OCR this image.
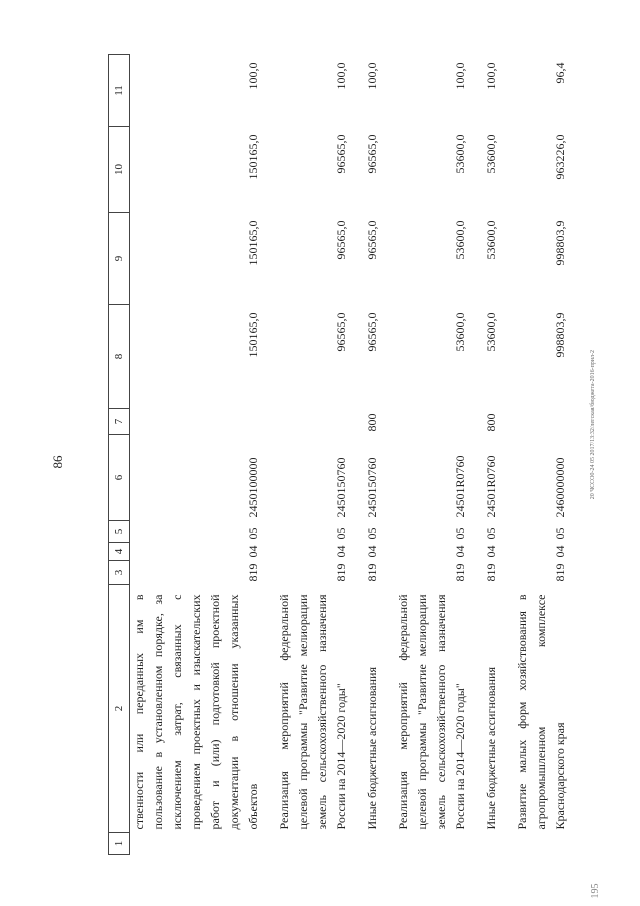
86
195
20 ЧССО0-24 05 2017/13:32/легская/бюджета-2016-прил-2
1	2	3	4	5	6	7	8	9	10	11
	ственности или переданных им в пользование в установленном порядке, за исключением затрат, связанных с проведением проектных и изыскательских работ и (или) подготовкой проектной документации в отношении указанных объектов	819	04	05	2450100000		150165,0	150165,0	150165,0	100,0

	Реализация мероприятий федеральной целевой программы "Развитие мелиорации земель сельскохозяйственного назначения России на 2014—2020 годы"	819	04	05	2450150760		96565,0	96565,0	96565,0	100,0

	Иные бюджетные ассигнования	819	04	05	2450150760	800	96565,0	96565,0	96565,0	100,0

	Реализация мероприятий федеральной целевой программы "Развитие мелиорации земель сельскохозяйственного назначения России на 2014—2020 годы"	819	04	05	24501R0760		53600,0	53600,0	53600,0	100,0

	Иные бюджетные ассигнования	819	04	05	24501R0760	800	53600,0	53600,0	53600,0	100,0

	Развитие малых форм хозяйствования в агропромышленном комплексе Краснодарского края	819	04	05	2460000000		998803,9	998803,9	963226,0	96,4
